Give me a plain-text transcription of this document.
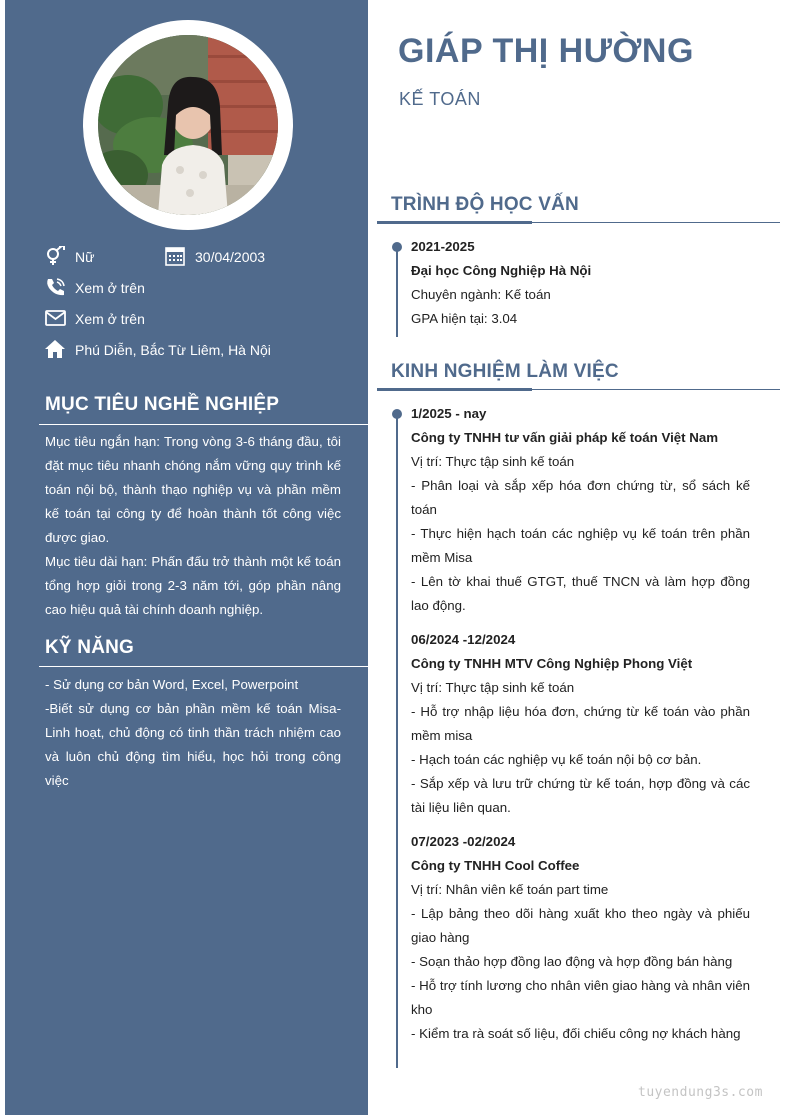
Nữ	30/04/2003
Xem ở trên
Xem ở trên
Phú Diễn, Bắc Từ Liêm, Hà Nội
MỤC TIÊU NGHỀ NGHIỆP

Mục tiêu ngắn hạn: Trong vòng 3-6 tháng đầu, tôi đặt mục tiêu nhanh chóng nắm vững quy trình kế toán nội bộ, thành thạo nghiệp vụ và phần mềm kế toán tại công ty để hoàn thành tốt công việc được giao.

Mục tiêu dài hạn: Phấn đấu trở thành một kế toán tổng hợp giỏi trong 2-3 năm tới, góp phần nâng cao hiệu quả tài chính doanh nghiệp.

KỸ NĂNG

- Sử dụng cơ bản Word, Excel, Powerpoint

-Biết sử dụng cơ bản phần mềm kế toán Misa-Linh hoạt, chủ động có tinh thần trách nhiệm cao và luôn chủ động tìm hiểu, học hỏi trong công việc

GIÁP THỊ HƯỜNG
KẾ TOÁN
TRÌNH ĐỘ HỌC VẤN
2021-2025
Đại học Công Nghiệp Hà Nội
Chuyên ngành: Kế toán
GPA hiện tại: 3.04
KINH NGHIỆM LÀM VIỆC
1/2025 - nay
Công ty TNHH tư vấn giải pháp kế toán Việt Nam
Vị trí: Thực tập sinh kế toán
- Phân loại và sắp xếp hóa đơn chứng từ, sổ sách kế toán
- Thực hiện hạch toán các nghiệp vụ kế toán trên phần mềm Misa
- Lên tờ khai thuế GTGT, thuế TNCN và làm hợp đồng lao động.
06/2024 -12/2024
Công ty TNHH MTV Công Nghiệp Phong Việt
Vị trí: Thực tập sinh kế toán
- Hỗ trợ nhập liệu hóa đơn, chứng từ kế toán vào phần mềm misa
- Hạch toán các nghiệp vụ kế toán nội bộ cơ bản.
- Sắp xếp và lưu trữ chứng từ kế toán, hợp đồng và các tài liệu liên quan.
07/2023 -02/2024
Công ty TNHH Cool Coffee
Vị trí: Nhân viên kế toán part time
- Lập bảng theo dõi hàng xuất kho theo ngày và phiếu giao hàng
- Soạn thảo hợp đồng lao động và hợp đồng bán hàng
- Hỗ trợ tính lương cho nhân viên giao hàng và nhân viên kho
- Kiểm tra rà soát số liệu, đối chiếu công nợ khách hàng
tuyendung3s.com
